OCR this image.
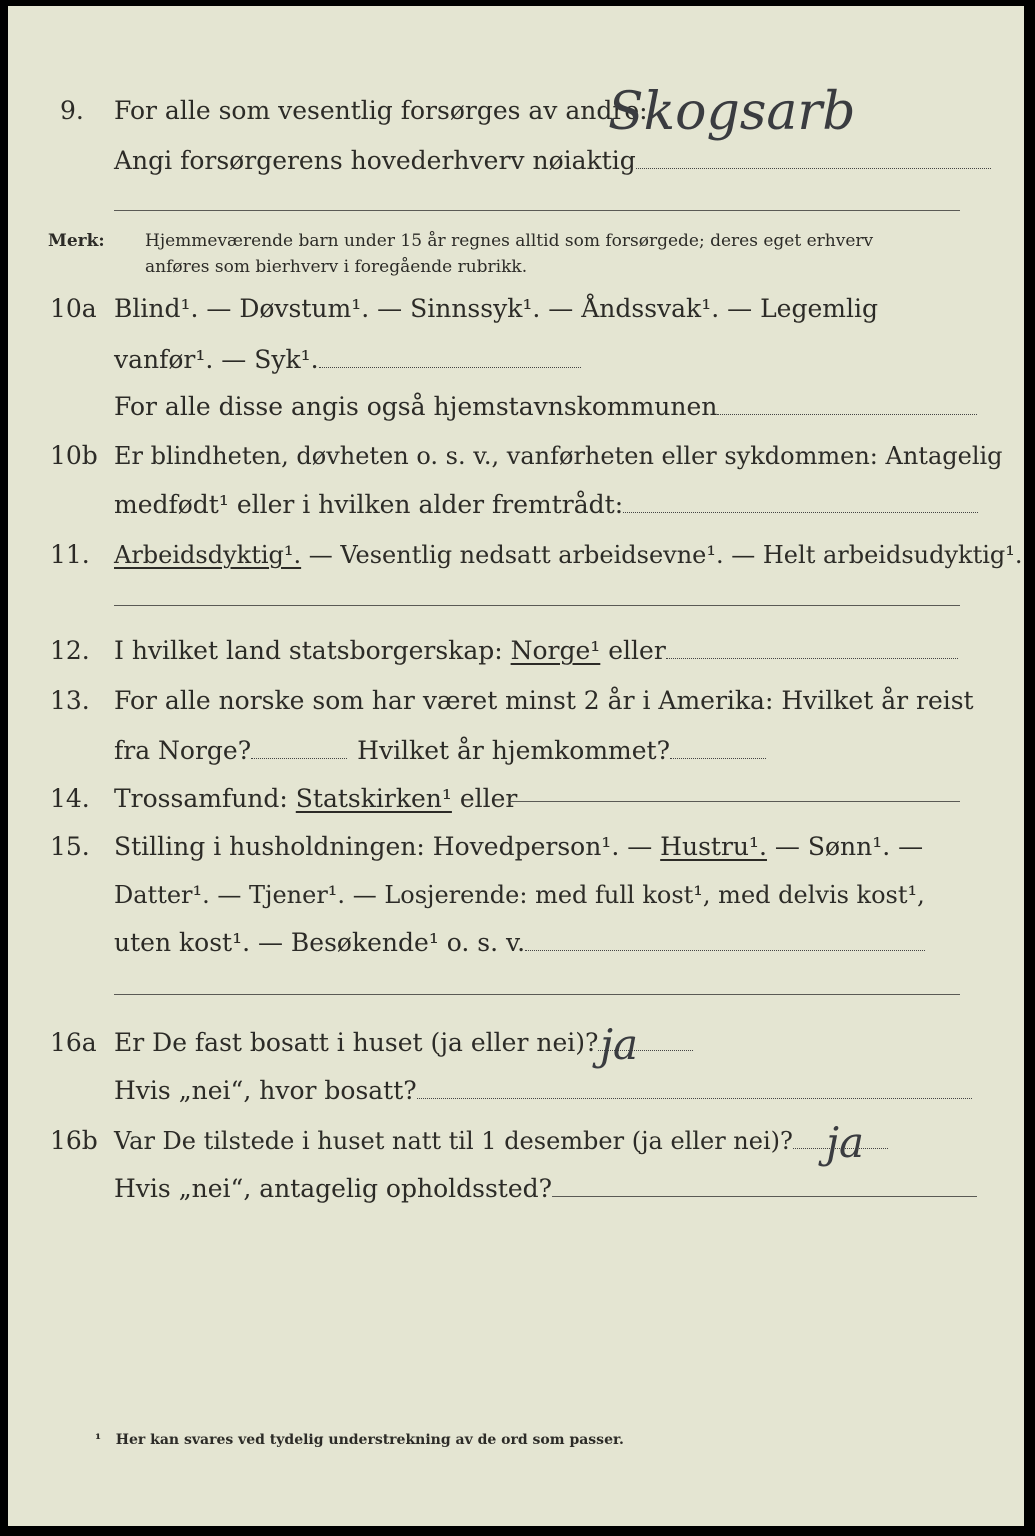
9. For alle som vesentlig forsørges av andre:
Skogsarb
Angi forsørgerens hovederhverv nøiaktig
Merk: Hjemmeværende barn under 15 år regnes alltid som forsørgede; deres eget erhverv
anføres som bierhverv i foregående rubrikk.
10a Blind¹. — Døvstum¹. — Sinnssyk¹. — Åndssvak¹. — Legemlig
vanfør¹. — Syk¹.
For alle disse angis også hjemstavnskommunen
10b Er blindheten, døvheten o. s. v., vanførheten eller sykdommen: Antagelig
medfødt¹ eller i hvilken alder fremtrådt:
11. Arbeidsdyktig¹. — Vesentlig nedsatt arbeidsevne¹. — Helt arbeidsudyktig¹.
12. I hvilket land statsborgerskap: Norge¹ eller
13. For alle norske som har været minst 2 år i Amerika: Hvilket år reist
fra Norge?	Hvilket år hjemkommet?
14. Trossamfund: Statskirken¹ eller
15. Stilling i husholdningen: Hovedperson¹. — Hustru¹. — Sønn¹. —
Datter¹. — Tjener¹. — Losjerende: med full kost¹, med delvis kost¹,
uten kost¹. — Besøkende¹ o. s. v.
16a Er De fast bosatt i huset (ja eller nei)? ja
Hvis „nei“, hvor bosatt?
16b Var De tilstede i huset natt til 1 desember (ja eller nei)? ja
Hvis „nei“, antagelig opholdssted?
¹ Her kan svares ved tydelig understrekning av de ord som passer.
